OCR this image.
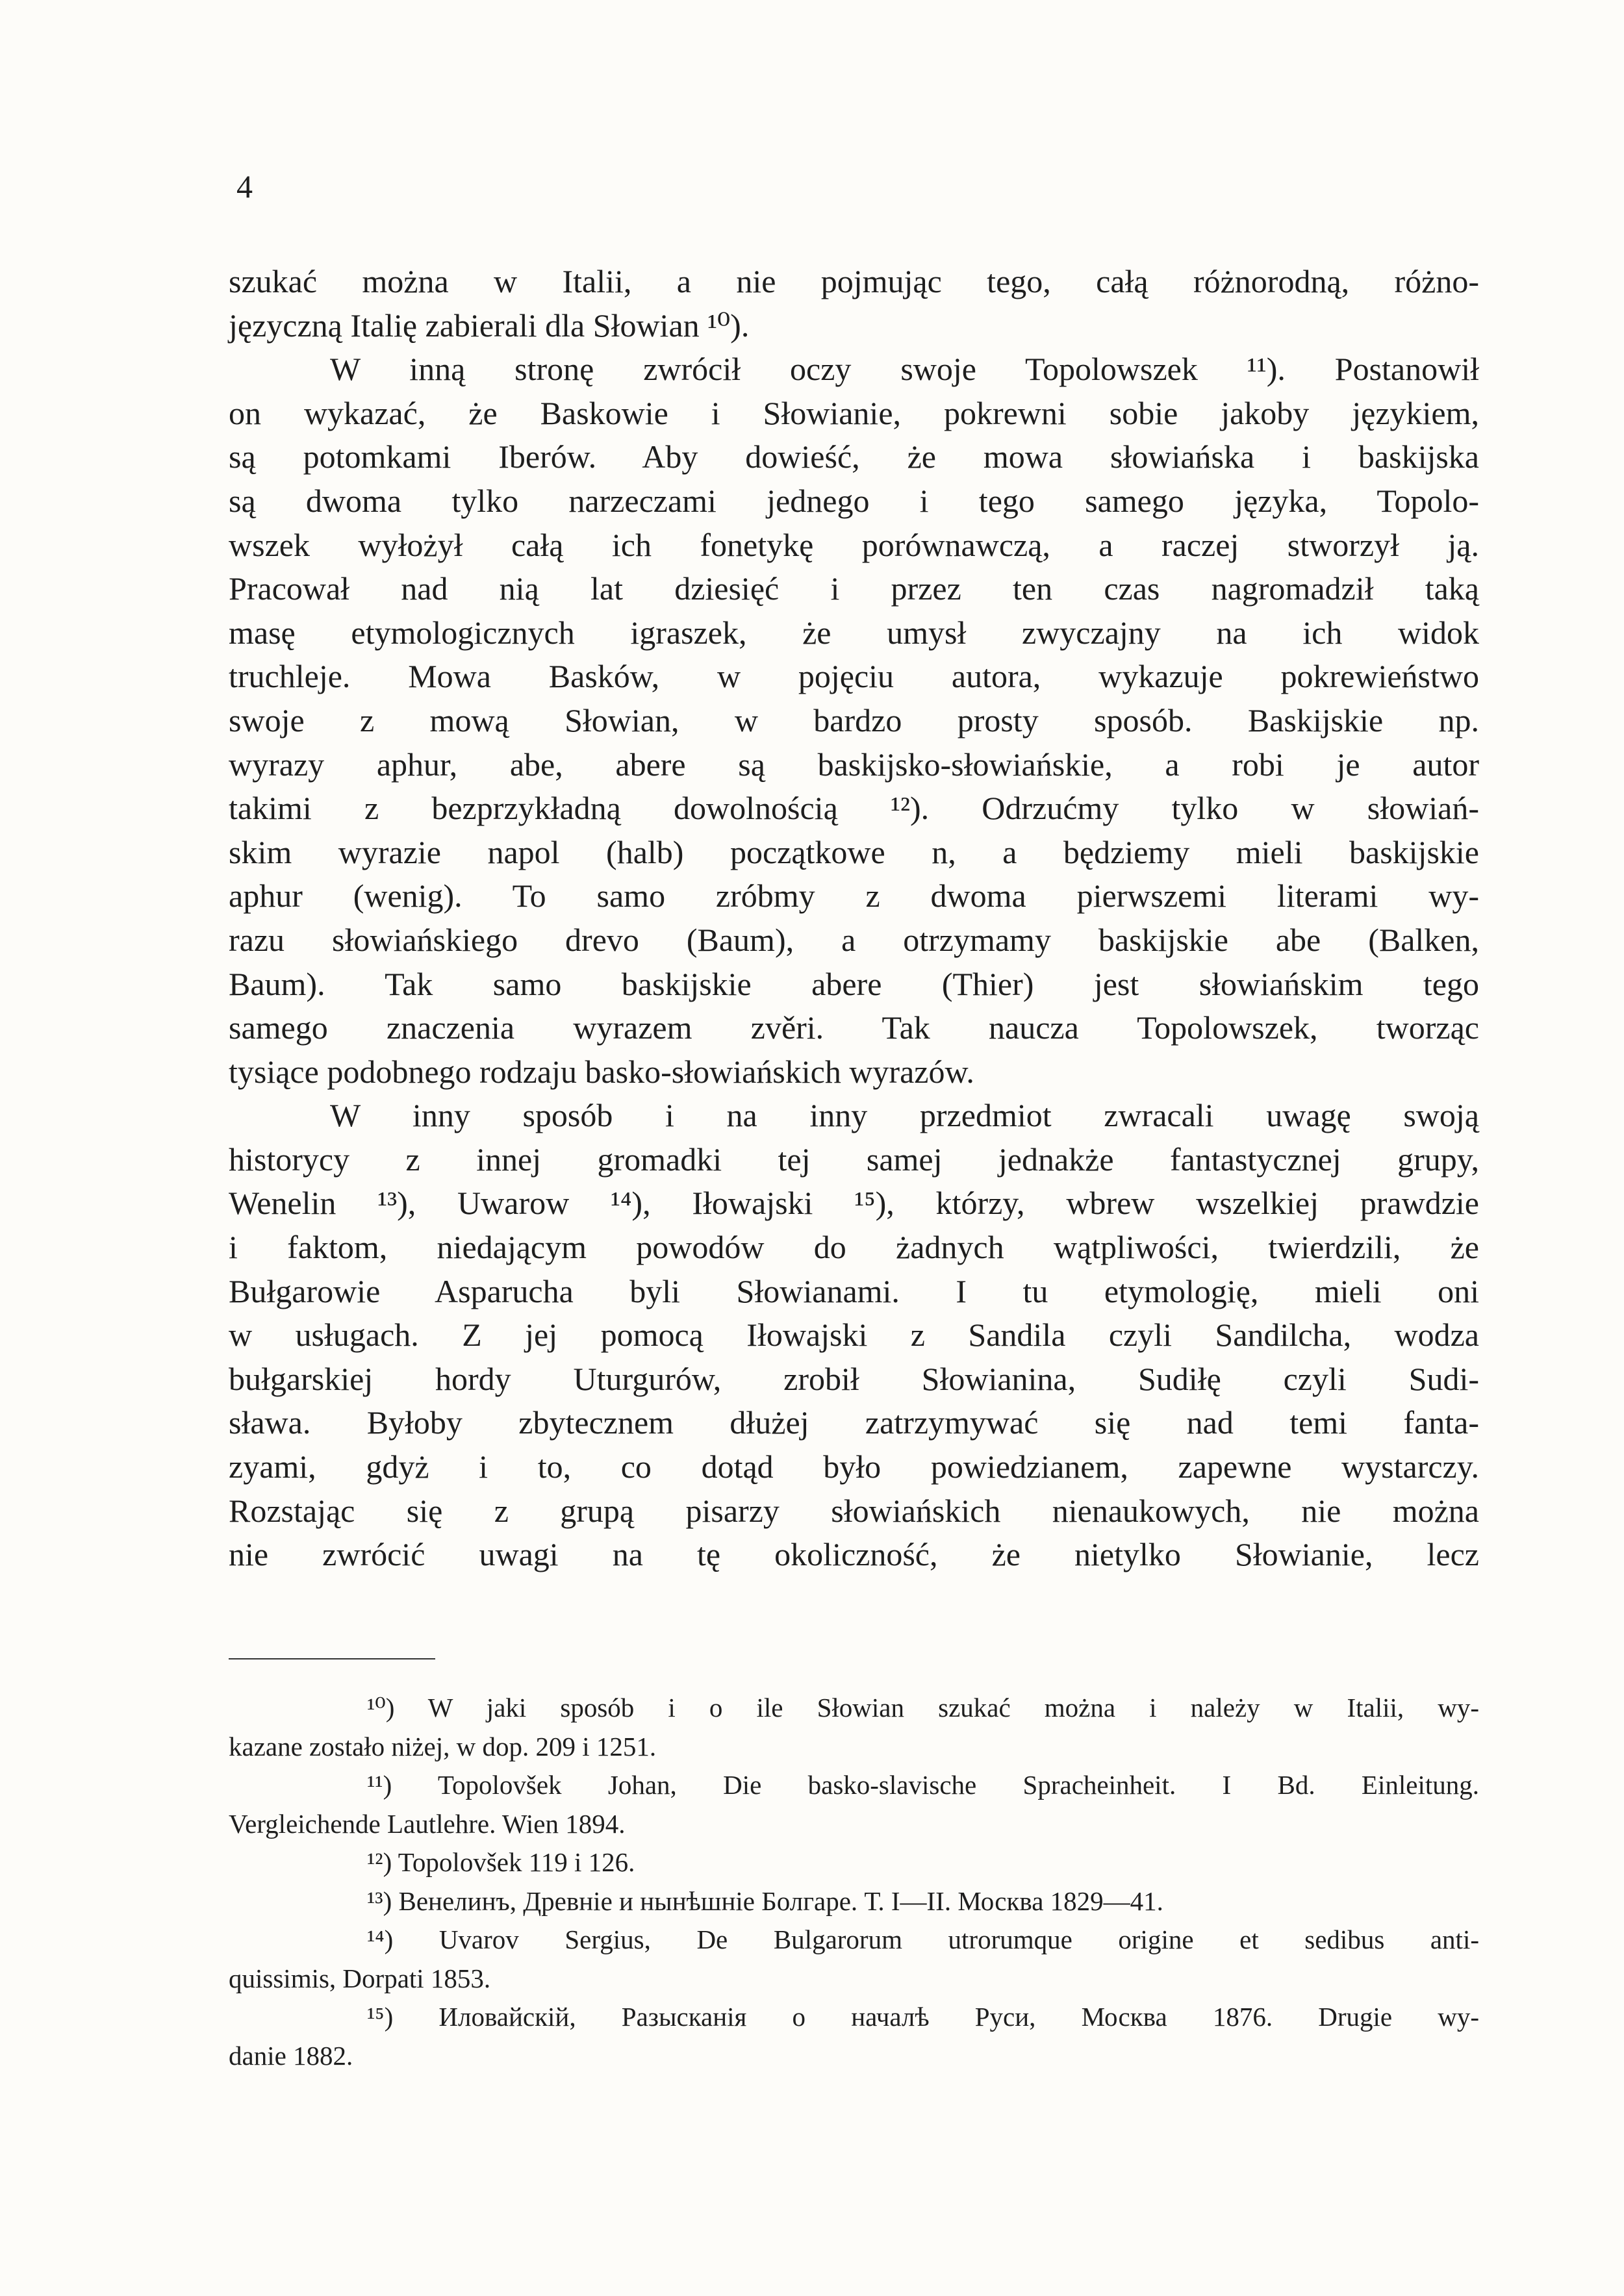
4
szukać można w Italii, a nie pojmując tego, całą różnorodną, różno-
języczną Italię zabierali dla Słowian ¹⁰).
W inną stronę zwrócił oczy swoje Topolowszek ¹¹). Postanowił
on wykazać, że Baskowie i Słowianie, pokrewni sobie jakoby językiem,
są potomkami Iberów. Aby dowieść, że mowa słowiańska i baskijska
są dwoma tylko narzeczami jednego i tego samego języka, Topolo-
wszek wyłożył całą ich fonetykę porównawczą, a raczej stworzył ją.
Pracował nad nią lat dziesięć i przez ten czas nagromadził taką
masę etymologicznych igraszek, że umysł zwyczajny na ich widok
truchleje. Mowa Basków, w pojęciu autora, wykazuje pokrewieństwo
swoje z mową Słowian, w bardzo prosty sposób. Baskijskie np.
wyrazy aphur, abe, abere są baskijsko-słowiańskie, a robi je autor
takimi z bezprzykładną dowolnością ¹²). Odrzućmy tylko w słowiań-
skim wyrazie napol (halb) początkowe n, a będziemy mieli baskijskie
aphur (wenig). To samo zróbmy z dwoma pierwszemi literami wy-
razu słowiańskiego drevo (Baum), a otrzymamy baskijskie abe (Balken,
Baum). Tak samo baskijskie abere (Thier) jest słowiańskim tego
samego znaczenia wyrazem zvěri. Tak naucza Topolowszek, tworząc
tysiące podobnego rodzaju basko-słowiańskich wyrazów.
W inny sposób i na inny przedmiot zwracali uwagę swoją
historycy z innej gromadki tej samej jednakże fantastycznej grupy,
Wenelin ¹³), Uwarow ¹⁴), Iłowajski ¹⁵), którzy, wbrew wszelkiej prawdzie
i faktom, niedającym powodów do żadnych wątpliwości, twierdzili, że
Bułgarowie Asparucha byli Słowianami. I tu etymologię, mieli oni
w usługach. Z jej pomocą Iłowajski z Sandila czyli Sandilcha, wodza
bułgarskiej hordy Uturgurów, zrobił Słowianina, Sudiłę czyli Sudi-
sława. Byłoby zbytecznem dłużej zatrzymywać się nad temi fanta-
zyami, gdyż i to, co dotąd było powiedzianem, zapewne wystarczy.
Rozstając się z grupą pisarzy słowiańskich nienaukowych, nie można
nie zwrócić uwagi na tę okoliczność, że nietylko Słowianie, lecz
¹⁰) W jaki sposób i o ile Słowian szukać można i należy w Italii, wy-
kazane zostało niżej, w dop. 209 i 1251.
¹¹) Topolovšek Johan, Die basko-slavische Spracheinheit. I Bd. Einleitung.
Vergleichende Lautlehre. Wien 1894.
¹²) Topolovšek 119 i 126.
¹³) Венелинъ, Древніе и нынѣшніе Болгаре. Т. I—II. Москва 1829—41.
¹⁴) Uvarov Sergius, De Bulgarorum utrorumque origine et sedibus anti-
quissimis, Dorpati 1853.
¹⁵) Иловайскій, Разысканія о началѣ Руси, Москва 1876. Drugie wy-
danie 1882.
